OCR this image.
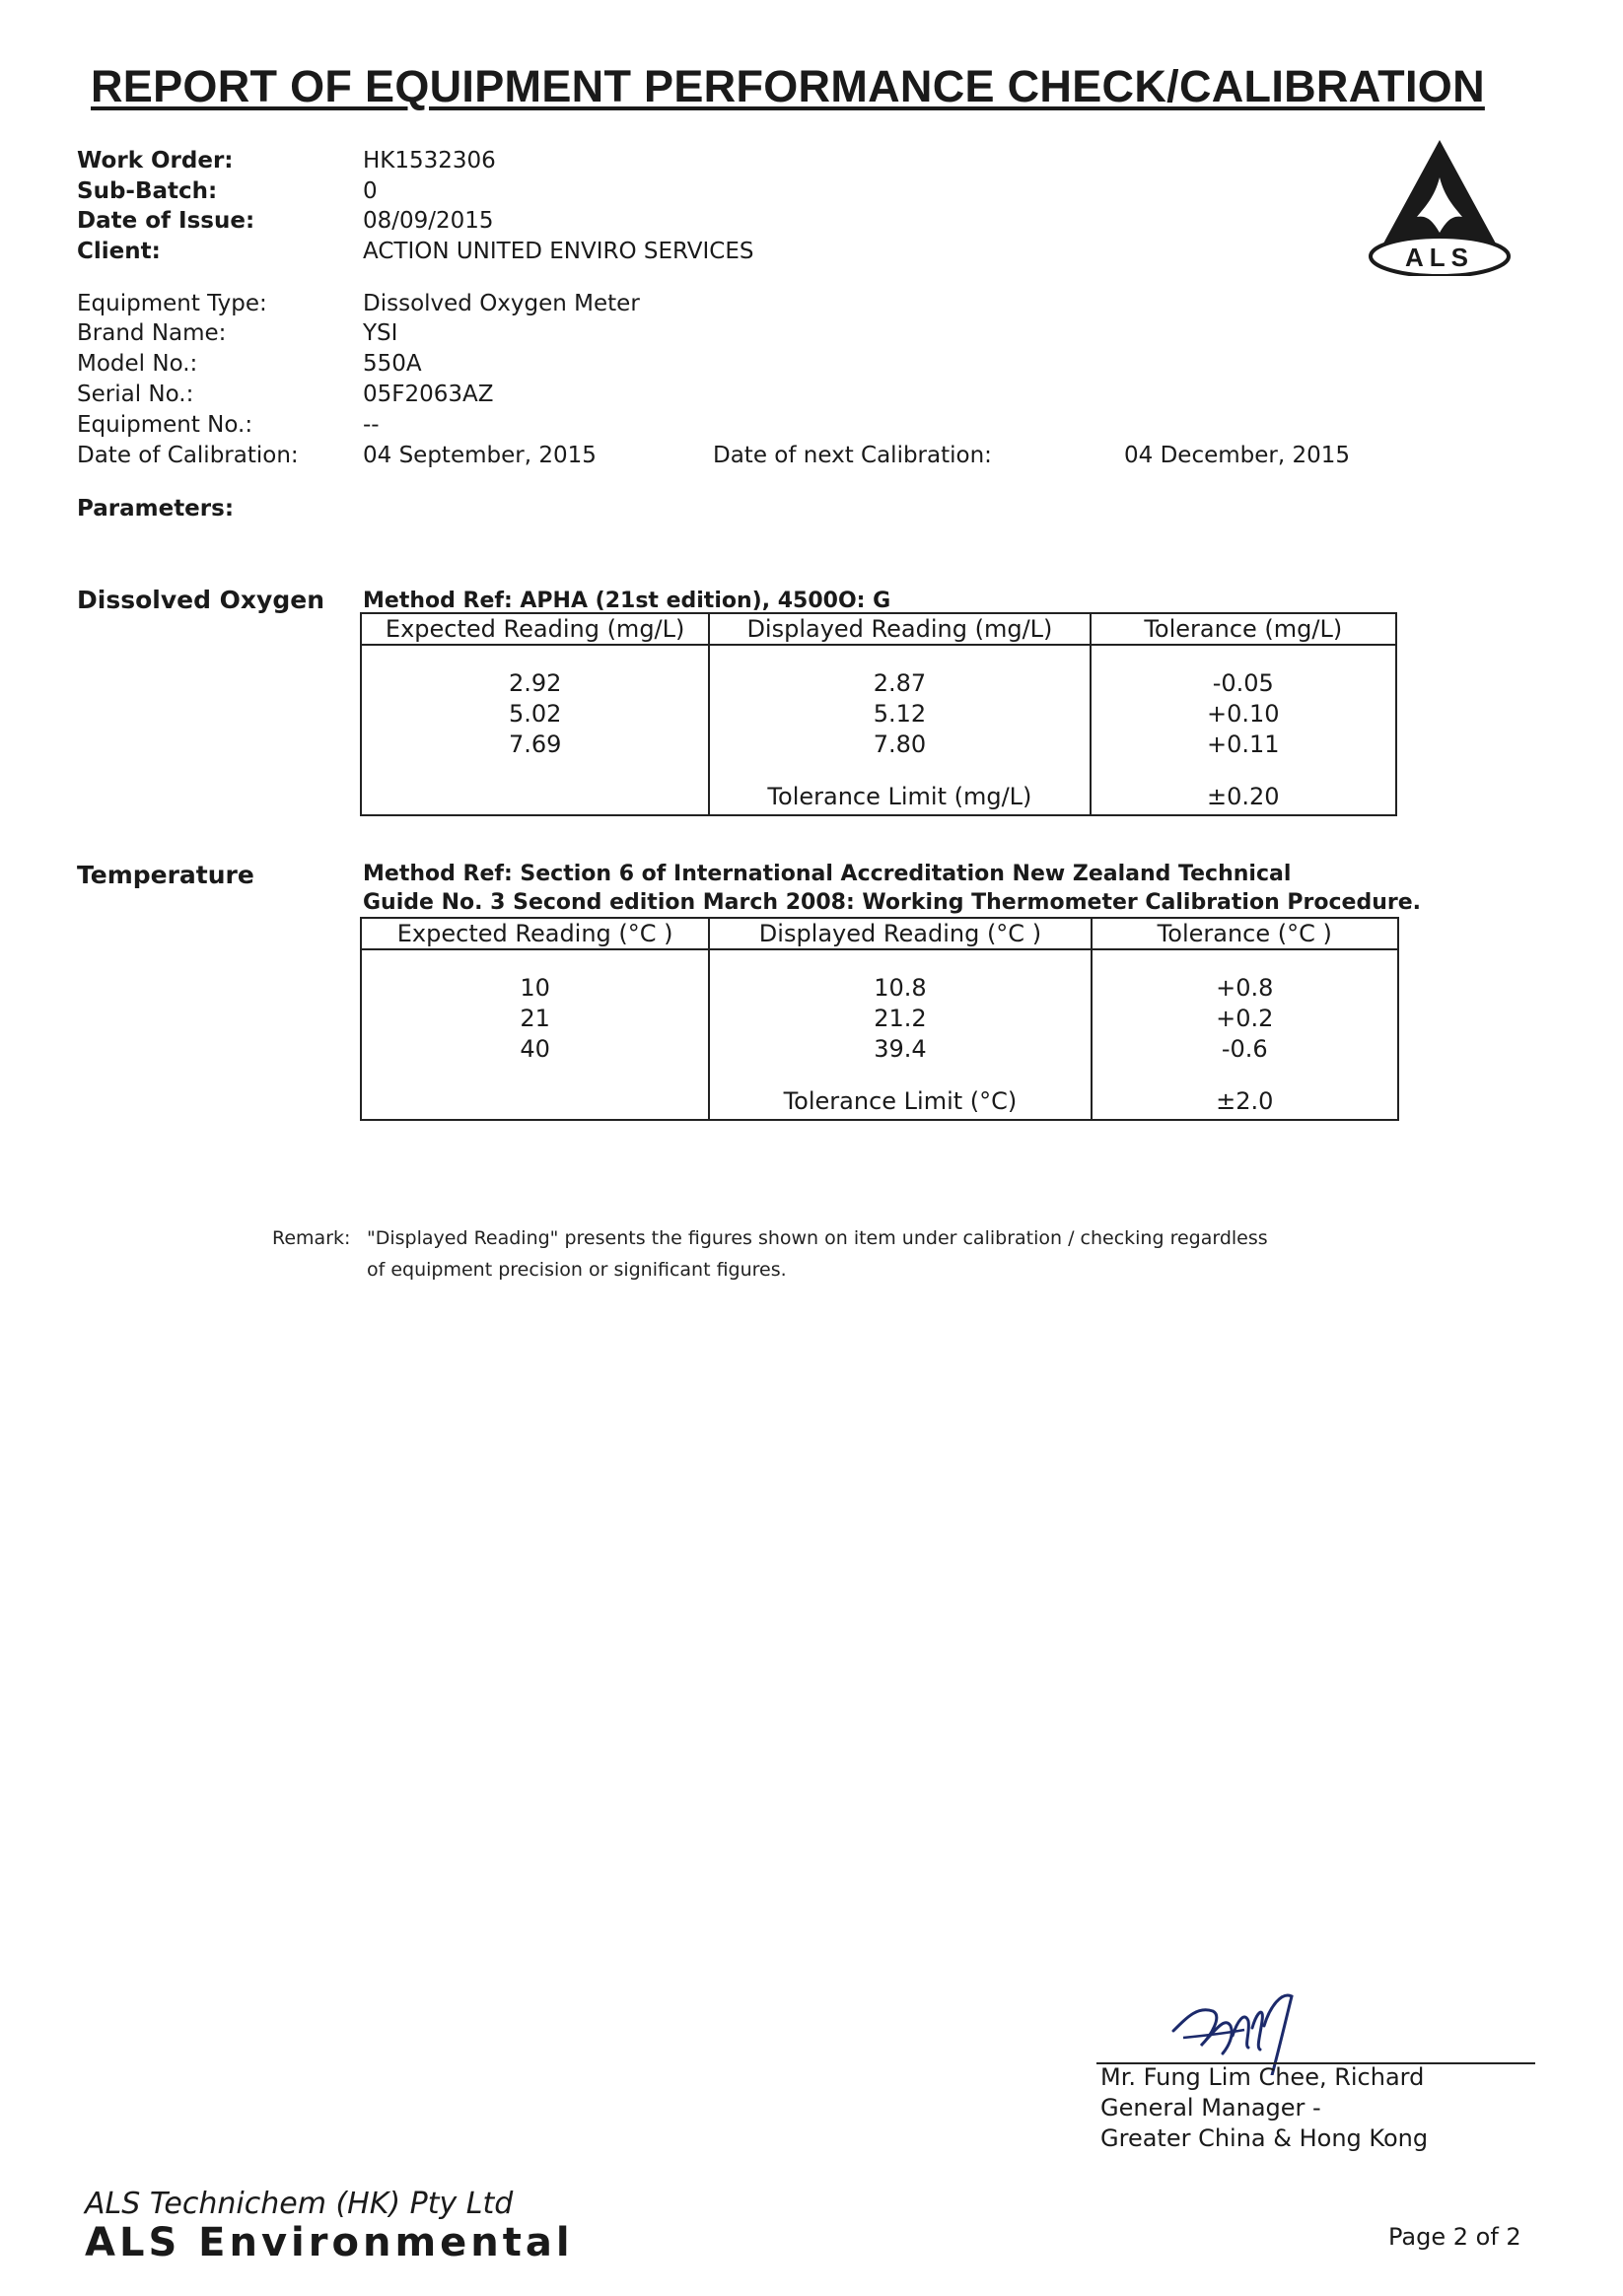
REPORT OF EQUIPMENT PERFORMANCE CHECK/CALIBRATION
ALS
Work Order:	HK1532306
Sub-Batch:	0
Date of Issue:	08/09/2015
Client:	ACTION UNITED ENVIRO SERVICES
Equipment Type:	Dissolved Oxygen Meter
Brand Name:	YSI
Model No.:	550A
Serial No.:	05F2063AZ
Equipment No.:	--
Date of Calibration:	04 September, 2015	Date of next Calibration:	04 December, 2015
Parameters:
Dissolved Oxygen Method Ref: APHA (21st edition), 4500O: G
Expected Reading (mg/L)	Displayed Reading (mg/L)	Tolerance (mg/L)

2.92	2.87	-0.05
5.02	5.12	+0.10
7.69	7.80	+0.11
	Tolerance Limit (mg/L)	±0.20
Temperature	Method Ref: Section 6 of International Accreditation New Zealand Technical
Guide No. 3 Second edition March 2008: Working Thermometer Calibration Procedure.
Expected Reading (°C )	Displayed Reading (°C )	Tolerance (°C )

10	10.8	+0.8
21	21.2	+0.2
40	39.4	-0.6
	Tolerance Limit (°C)	±2.0
Remark: "Displayed Reading" presents the figures shown on item under calibration / checking regardless
of equipment precision or significant figures.
Mr. Fung Lim Chee, Richard
General Manager -
Greater China & Hong Kong
ALS Technichem (HK) Pty Ltd
ALS Environmental	Page 2 of 2
